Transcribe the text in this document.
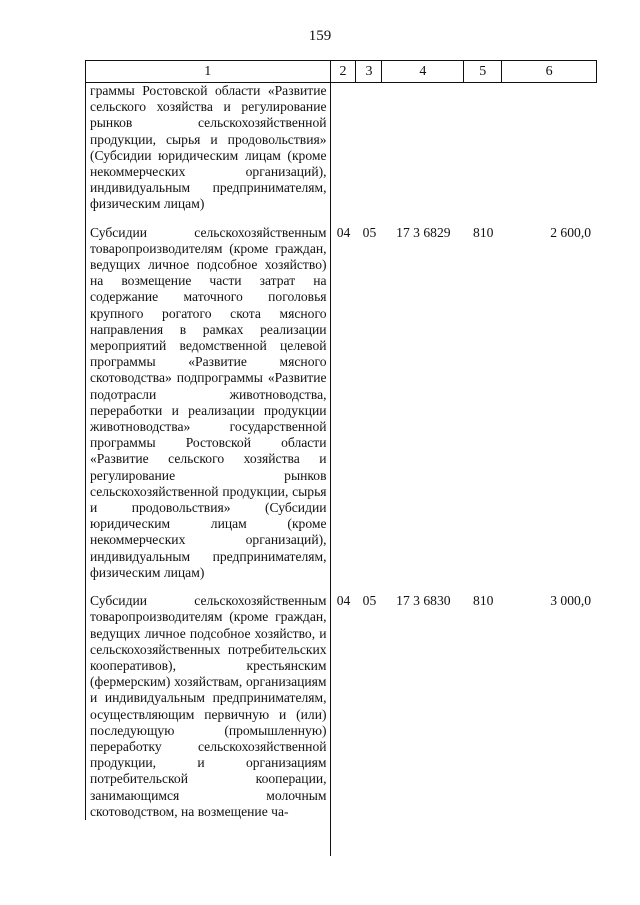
159
1	2	3	4	5	6
граммы Ростовской области «Развитие сельского хозяйства и регулирование рынков сельскохозяйственной продукции, сырья и продовольствия» (Субсидии юридическим лицам (кроме некоммерческих организаций), индивидуальным предпринимателям, физическим лицам)
Субсидии сельскохозяйственным товаропроизводителям (кроме граждан, ведущих личное подсобное хозяйство) на возмещение части затрат на содержание маточного поголовья крупного рогатого скота мясного направления в рамках реализации мероприятий ведомственной целевой программы «Развитие мясного скотоводства» подпрограммы «Развитие подотрасли животноводства, переработки и реализации продукции животноводства» государственной программы Ростовской области «Развитие сельского хозяйства и регулирование рынков сельскохозяйственной продукции, сырья и продовольствия» (Субсидии юридическим лицам (кроме некоммерческих организаций), индивидуальным предпринимателям, физическим лицам)
04 05	17 3 6829	810	2 600,0
Субсидии сельскохозяйственным товаропроизводителям (кроме граждан, ведущих личное подсобное хозяйство, и сельскохозяйственных потребительских кооперативов), крестьянским (фермерским) хозяйствам, организациям и индивидуальным предпринимателям, осуществляющим первичную и (или) последующую (промышленную) переработку сельскохозяйственной продукции, и организациям потребительской кооперации, занимающимся молочным скотоводством, на возмещение ча-
04 05	17 3 6830	810	3 000,0
